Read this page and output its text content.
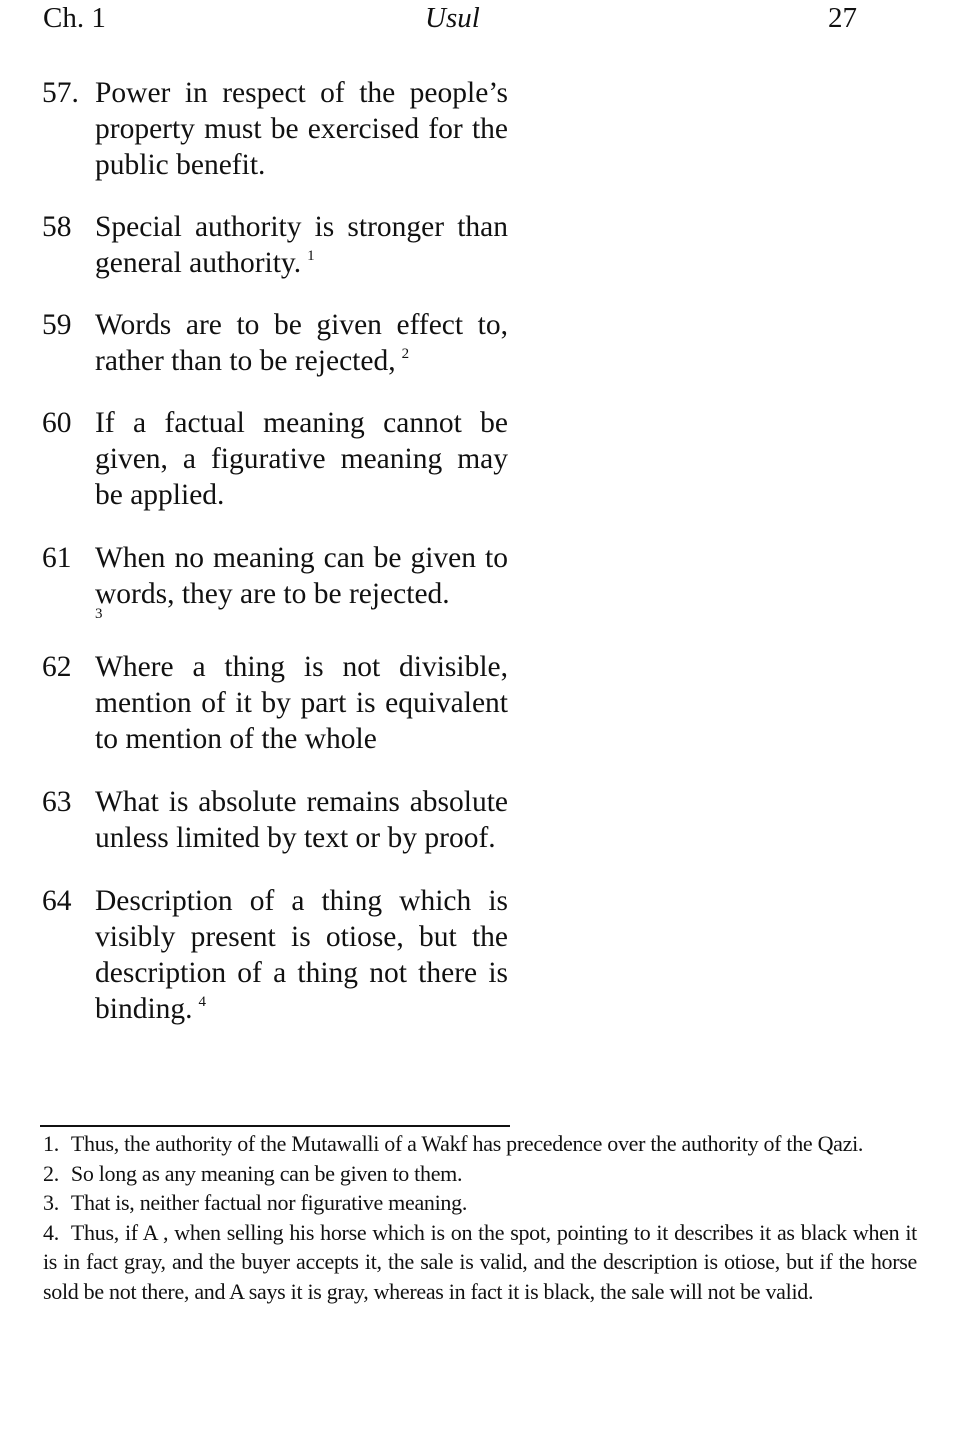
Ch. 1	Usul	27
57. Power in respect of the people’s property must be exercised for the public benefit.
58 Special authority is stronger than general authority. $^1$
59 Words are to be given effect to, rather than to be rejected, $^2$
60 If a factual meaning cannot be given, a figurative meaning may be applied.
61 When no meaning can be given to words, they are to be rejected.
3
62 Where a thing is not divisible, mention of it by part is equivalent to mention of the whole
63 What is absolute remains absolute unless limited by text or by proof.
64 Description of a thing which is visibly present is otiose, but the description of a thing not there is binding. $^4$
1. Thus, the authority of the Mutawalli of a Wakf has precedence over the authority of the Qazi.
2. So long as any meaning can be given to them.
3. That is, neither factual nor figurative meaning.
4. Thus, if A , when selling his horse which is on the spot, pointing to it describes it as black when it is in fact gray, and the buyer accepts it, the sale is valid, and the description is otiose, but if the horse sold be not there, and A says it is gray, whereas in fact it is black, the sale will not be valid.
